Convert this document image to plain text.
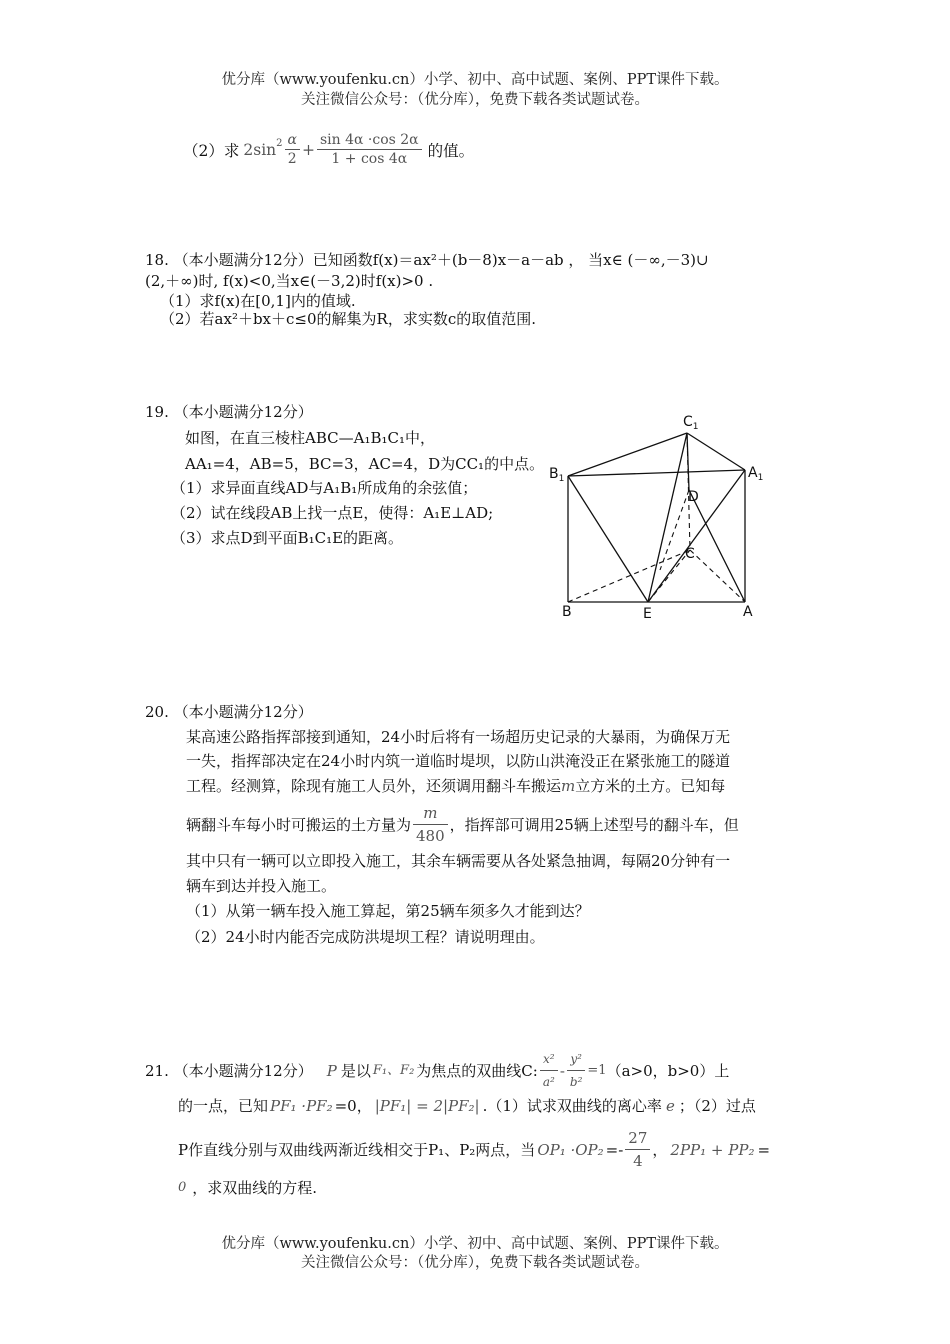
优分库（www.youfenku.cn）小学、初中、高中试题、案例、PPT课件下载。
关注微信公众号：（优分库），免费下载各类试题试卷。
（2）求 $2\sin^2 \frac{\alpha}{2} + \frac{\sin 4\alpha \cdot\cos 2\alpha}{1 + \cos 4\alpha}$ 的值。
18. （本小题满分12分）已知函数f(x)＝ax²＋(b－8)x－a－ab ， 当x∈ (－∞,－3)∪
(2,＋∞)时, f(x)<0,当x∈(－3,2)时f(x)>0 .
（1）求f(x)在[0,1]内的值域.
（2）若ax²＋bx＋c≤0的解集为R，求实数c的取值范围.
19. （本小题满分12分）
如图，在直三棱柱ABC—A₁B₁C₁中，
AA₁=4，AB=5，BC=3，AC=4，D为CC₁的中点。
（1）求异面直线AD与A₁B₁所成角的余弦值；
（2）试在线段AB上找一点E，使得：A₁E⊥AD;
（3）求点D到平面B₁C₁E的距离。
$C_1$
$B_1$	$A_1$
D
C
B	E	A
20. （本小题满分12分）
某高速公路指挥部接到通知，24小时后将有一场超历史记录的大暴雨，为确保万无
一失，指挥部决定在24小时内筑一道临时堤坝，以防山洪淹没正在紧张施工的隧道
工程。经测算，除现有施工人员外，还须调用翻斗车搬运m立方米的土方。已知每
辆翻斗车每小时可搬运的土方量为 $\frac{m}{480}$ ，指挥部可调用25辆上述型号的翻斗车，但
其中只有一辆可以立即投入施工，其余车辆需要从各处紧急抽调，每隔20分钟有一
辆车到达并投入施工。
（1）从第一辆车投入施工算起，第25辆车须多久才能到达？
（2）24小时内能否完成防洪堤坝工程？请说明理由。
21. （本小题满分12分） P 是以 F₁、F₂ 为焦点的双曲线C: $\frac{\text{x²}}{\text{a²}} - \frac{\text{y²}}{\text{b²}} =1$ （a>0，b>0）上
的一点，已知 PF₁ ·PF₂ =0， |PF₁| = 2|PF₂| .（1）试求双曲线的离心率 e ；（2）过点
P作直线分别与双曲线两渐近线相交于P₁、P₂两点，当 $OP_1 \cdot OP_2 =- \frac{27}{4}$ ， 2PP₁ + PP₂ =
0 ，求双曲线的方程.
优分库（www.youfenku.cn）小学、初中、高中试题、案例、PPT课件下载。
关注微信公众号：（优分库），免费下载各类试题试卷。
